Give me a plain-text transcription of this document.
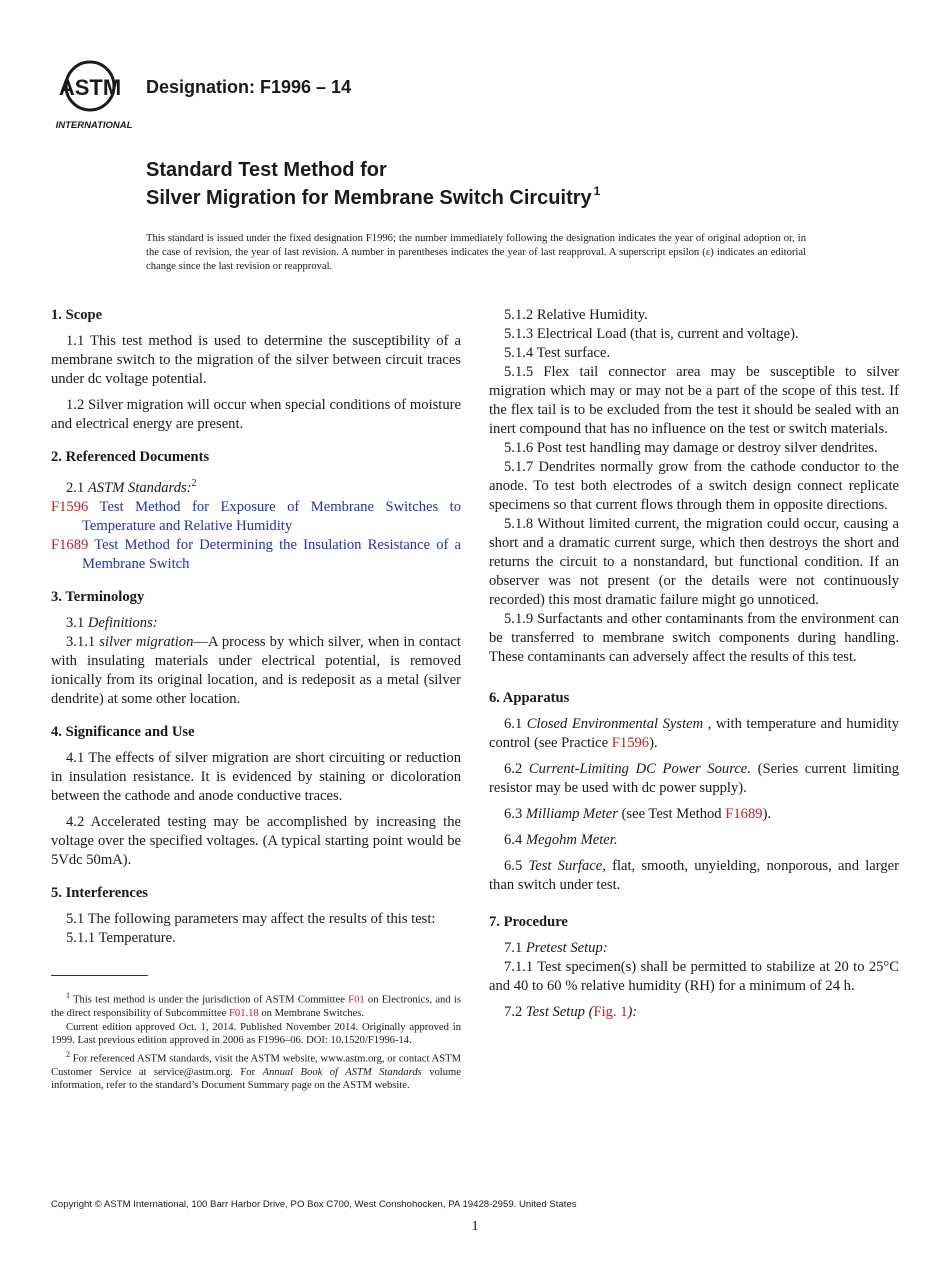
ASTM
INTERNATIONAL
Designation: F1996 – 14
Standard Test Method for
Silver Migration for Membrane Switch Circuitry $^1$
This standard is issued under the fixed designation F1996; the number immediately following the designation indicates the year of original adoption or, in the case of revision, the year of last revision. A number in parentheses indicates the year of last reapproval. A superscript epsilon (ε) indicates an editorial change since the last revision or reapproval.

1. Scope

1.1 This test method is used to determine the susceptibility of a membrane switch to the migration of the silver between circuit traces under dc voltage potential.

1.2 Silver migration will occur when special conditions of moisture and electrical energy are present.

2. Referenced Documents

2.1 ASTM Standards:$^2$

F1596 Test Method for Exposure of Membrane Switches to Temperature and Relative Humidity

F1689 Test Method for Determining the Insulation Resistance of a Membrane Switch

3. Terminology

3.1 Definitions:

3.1.1 silver migration—A process by which silver, when in contact with insulating materials under electrical potential, is removed ionically from its original location, and is redeposit as a metal (silver dendrite) at some other location.

4. Significance and Use

4.1 The effects of silver migration are short circuiting or reduction in insulation resistance. It is evidenced by staining or dicoloration between the cathode and anode conductive traces.

4.2 Accelerated testing may be accomplished by increasing the voltage over the specified voltages. (A typical starting point would be 5Vdc 50mA).

5. Interferences

5.1 The following parameters may affect the results of this test:

5.1.1 Temperature.

$^1$ This test method is under the jurisdiction of ASTM Committee F01 on Electronics, and is the direct responsibility of Subcommittee F01.18 on Membrane Switches.

Current edition approved Oct. 1, 2014. Published November 2014. Originally approved in 1999. Last previous edition approved in 2006 as F1996–06. DOI: 10.1520/F1996-14.

$^2$ For referenced ASTM standards, visit the ASTM website, www.astm.org, or contact ASTM Customer Service at service@astm.org. For Annual Book of ASTM Standards volume information, refer to the standard’s Document Summary page on the ASTM website.

5.1.2 Relative Humidity.

5.1.3 Electrical Load (that is, current and voltage).

5.1.4 Test surface.

5.1.5 Flex tail connector area may be susceptible to silver migration which may or may not be a part of the scope of this test. If the flex tail is to be excluded from the test it should be sealed with an inert compound that has no influence on the test or switch materials.

5.1.6 Post test handling may damage or destroy silver dendrites.

5.1.7 Dendrites normally grow from the cathode conductor to the anode. To test both electrodes of a switch design connect replicate specimens so that current flows through them in opposite directions.

5.1.8 Without limited current, the migration could occur, causing a short and a dramatic current surge, which then destroys the short and returns the circuit to a nonstandard, but functional condition. If an observer was not present (or the details were not continuously recorded) this most dramatic failure might go unnoticed.

5.1.9 Surfactants and other contaminants from the environment can be transferred to membrane switch components during handling. These contaminants can adversely affect the results of this test.

6. Apparatus

6.1 Closed Environmental System , with temperature and humidity control (see Practice F1596).

6.2 Current-Limiting DC Power Source. (Series current limiting resistor may be used with dc power supply).

6.3 Milliamp Meter (see Test Method F1689).

6.4 Megohm Meter.

6.5 Test Surface, flat, smooth, unyielding, nonporous, and larger than switch under test.

7. Procedure

7.1 Pretest Setup:

7.1.1 Test specimen(s) shall be permitted to stabilize at 20 to 25°C and 40 to 60 % relative humidity (RH) for a minimum of 24 h.

7.2 Test Setup (Fig. 1):

Copyright © ASTM International, 100 Barr Harbor Drive, PO Box C700, West Conshohocken, PA 19428-2959. United States
1
